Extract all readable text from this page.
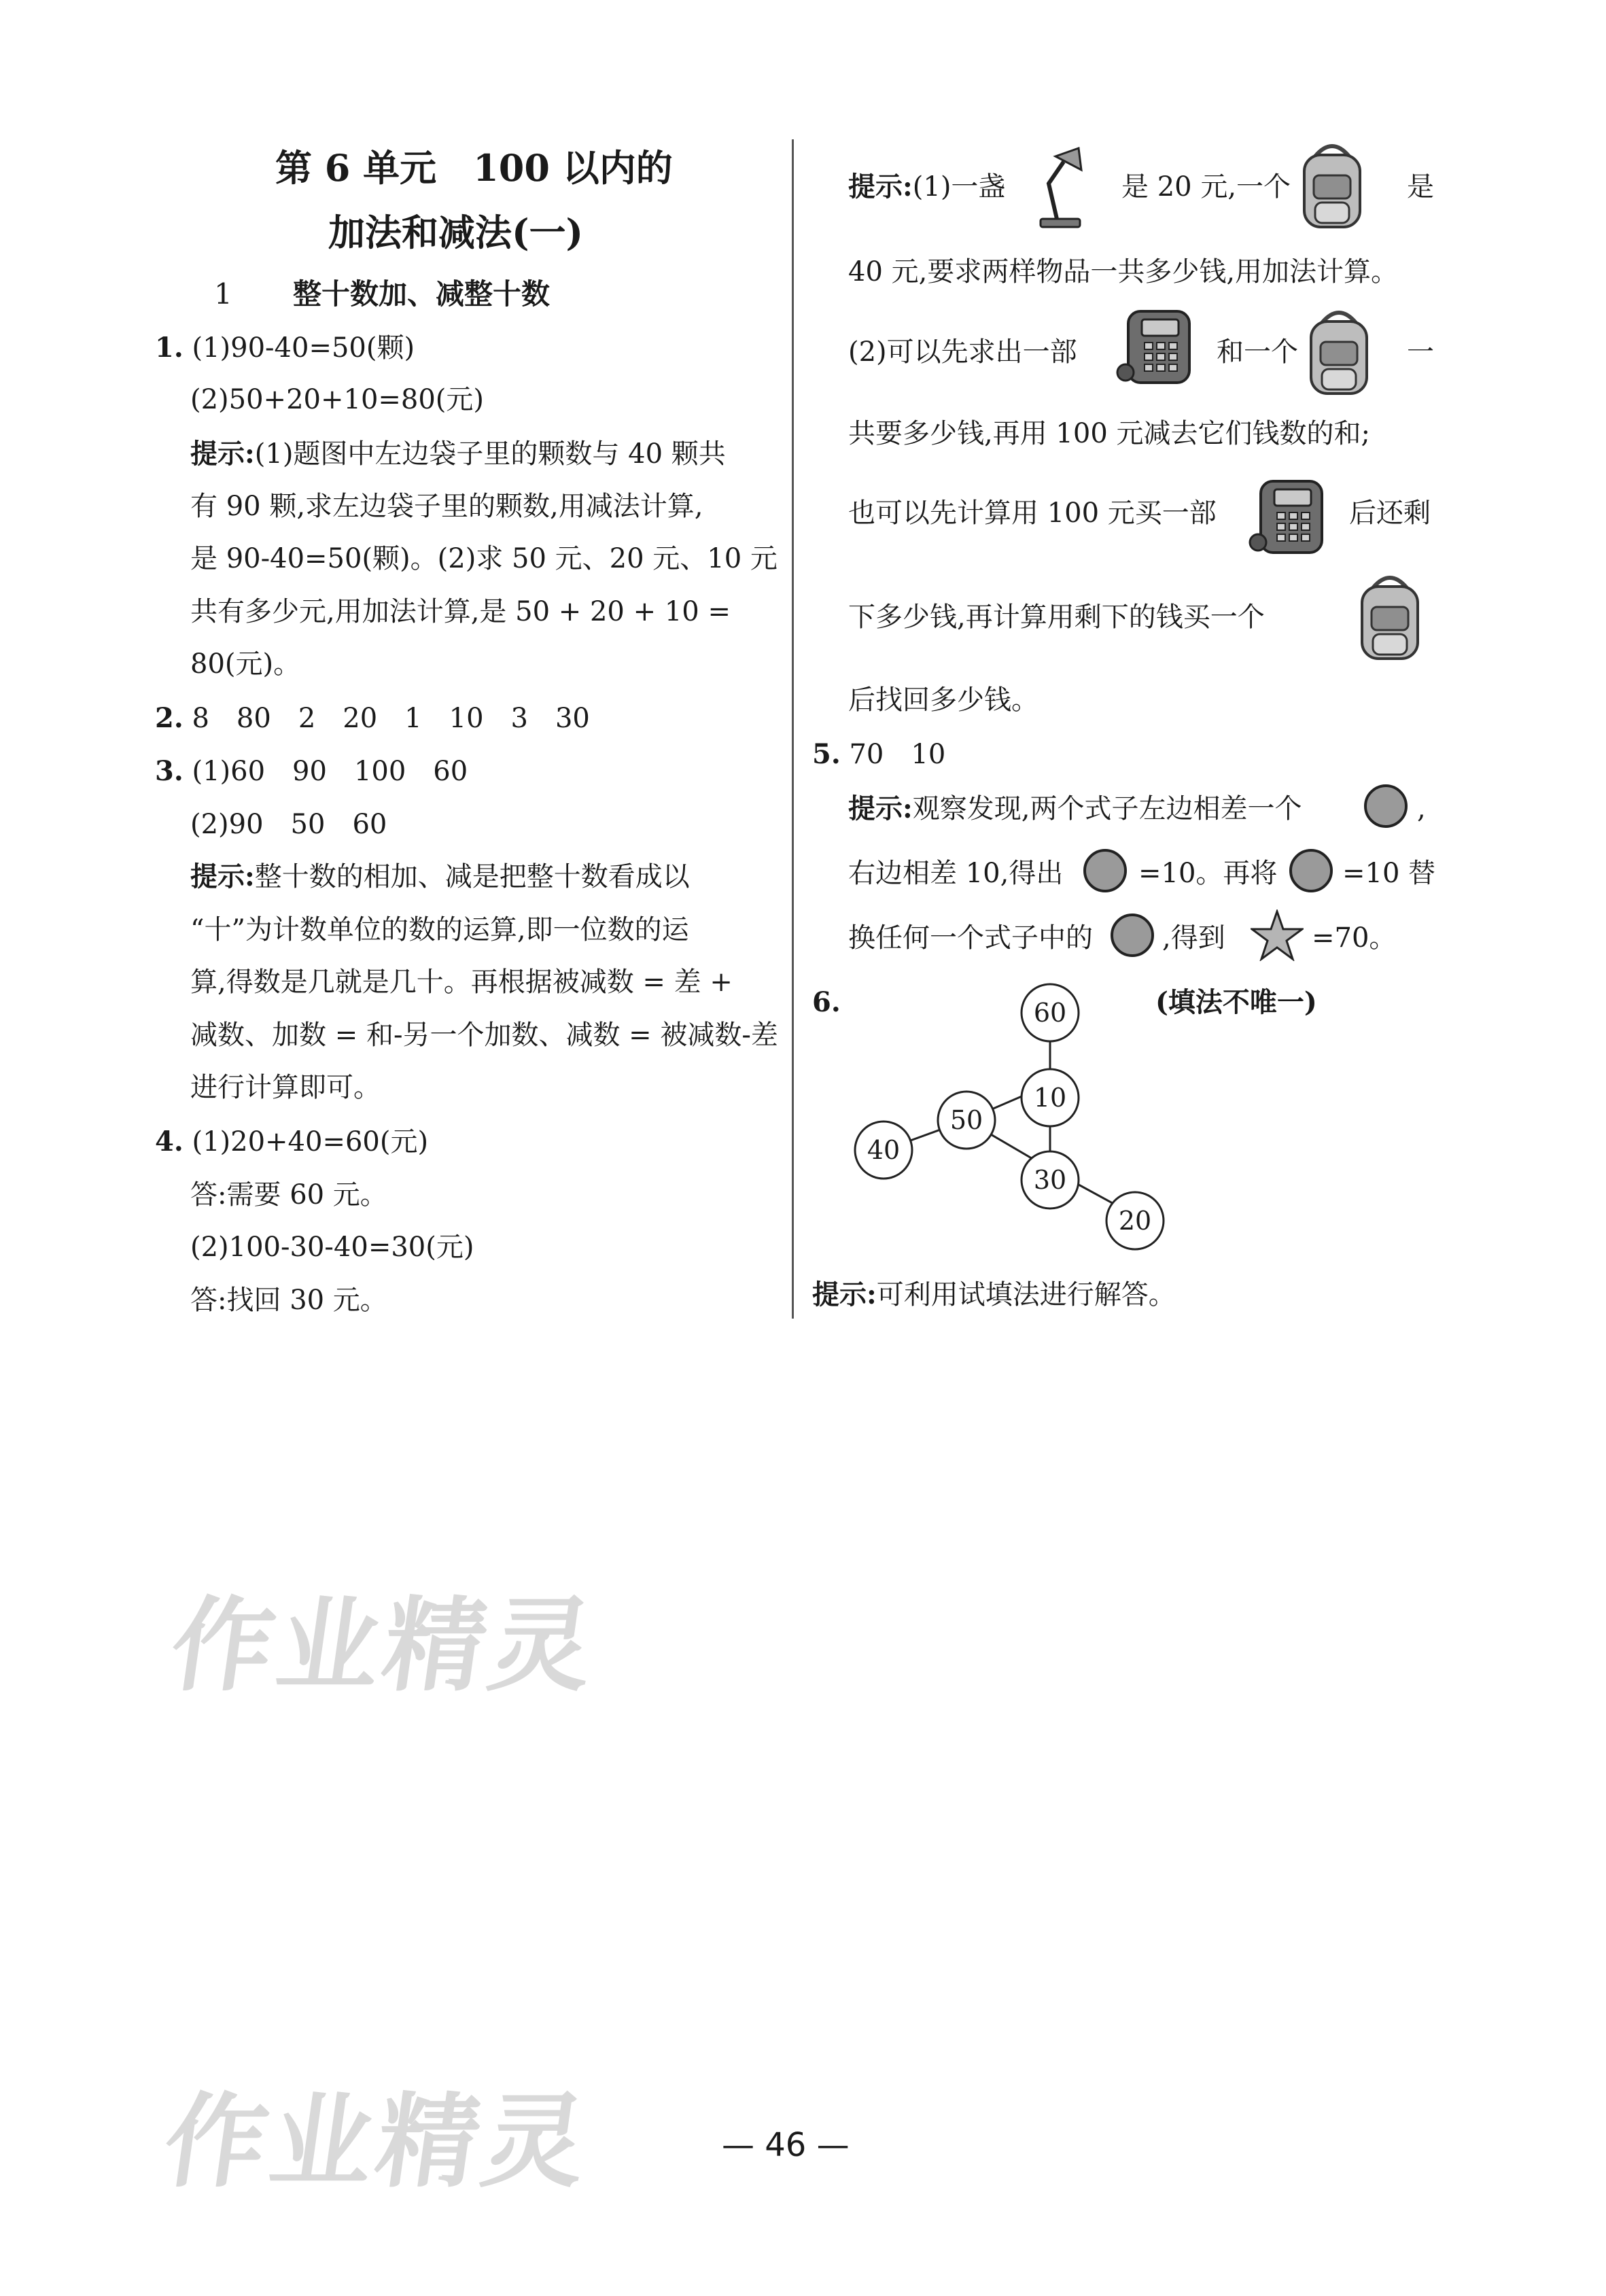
第 6 单元　100 以内的
加法和减法(一)
1 整十数加、减整十数
1. (1)90-40=50(颗)
(2)50+20+10=80(元)
提示:(1)题图中左边袋子里的颗数与 40 颗共
有 90 颗,求左边袋子里的颗数,用减法计算,
是 90-40=50(颗)。(2)求 50 元、20 元、10 元
共有多少元,用加法计算,是 50 + 20 + 10 =
80(元)。
2. 8　80　2　20　1　10　3　30
3. (1)60　90　100　60
(2)90　50　60
提示:整十数的相加、减是把整十数看成以
“十”为计数单位的数的运算,即一位数的运
算,得数是几就是几十。再根据被减数 = 差 +
减数、加数 = 和-另一个加数、减数 = 被减数-差
进行计算即可。
4. (1)20+40=60(元)
答:需要 60 元。
(2)100-30-40=30(元)
答:找回 30 元。
提示:(1)一盏	是 20 元,一个	是
40 元,要求两样物品一共多少钱,用加法计算。
(2)可以先求出一部	和一个	一
共要多少钱,再用 100 元减去它们钱数的和;
也可以先计算用 100 元买一部	后还剩
下多少钱,再计算用剩下的钱买一个
后找回多少钱。
5. 70　10
提示:观察发现,两个式子左边相差一个	,
右边相差 10,得出	=10。再将 =10 替
换任何一个式子中的	,得到	=70。
6.	(填法不唯一)
60
10
50
40
30
20
提示:可利用试填法进行解答。
作业精灵
作业精灵	— 46 —
